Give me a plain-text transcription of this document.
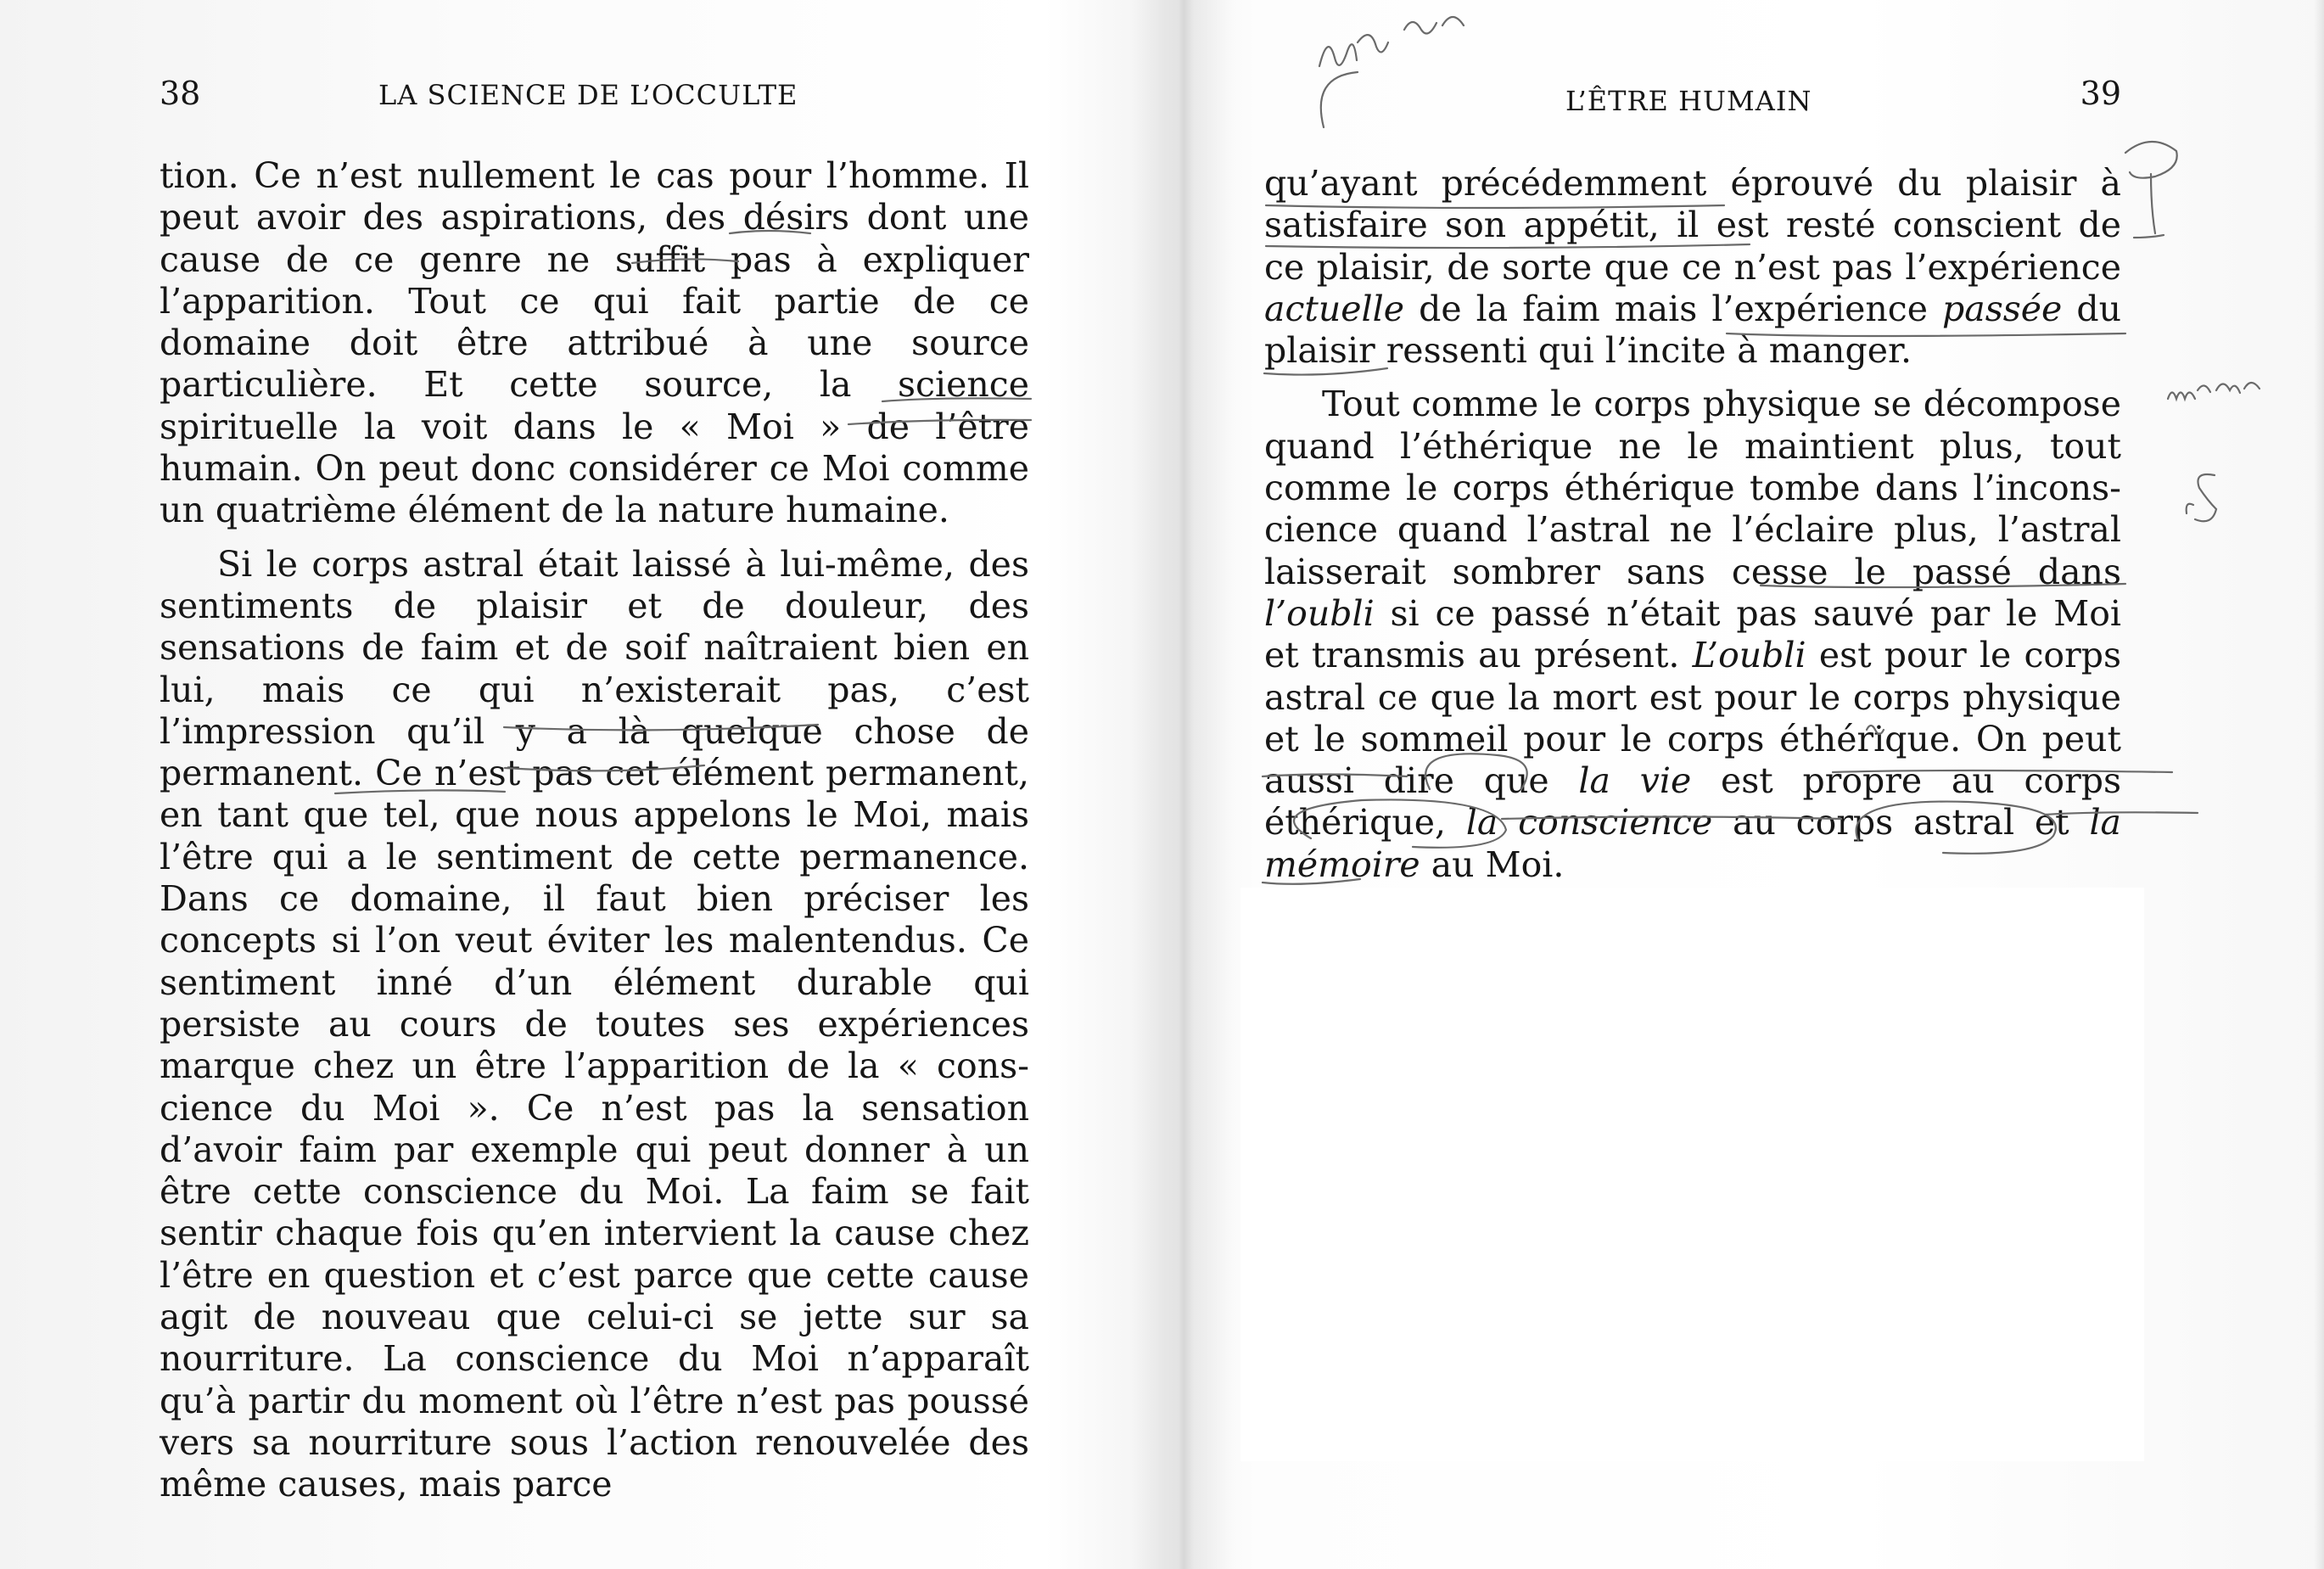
38	LA SCIENCE DE L’OCCULTE

tion. Ce n’est nullement le cas pour l’homme. Il peut avoir des aspirations, des désirs dont une cause de ce genre ne suffit pas à expliquer l’apparition. Tout ce qui fait partie de ce domaine doit être attribué à une source particulière. Et cette source, la science spirituelle la voit dans le « Moi » de l’être humain. On peut donc considérer ce Moi comme un quatrième élément de la nature humaine.

Si le corps astral était laissé à lui-même, des sentiments de plaisir et de douleur, des sensations de faim et de soif naîtraient bien en lui, mais ce qui n’existerait pas, c’est l’impression qu’il y a là quelque chose de permanent. Ce n’est pas cet élément permanent, en tant que tel, que nous appelons le Moi, mais l’être qui a le sentiment de cette permanence. Dans ce domaine, il faut bien préciser les concepts si l’on veut éviter les malentendus. Ce sentiment inné d’un élément durable qui persiste au cours de toutes ses expériences marque chez un être l’apparition de la « conscience du Moi ». Ce n’est pas la sensation d’avoir faim par exemple qui peut donner à un être cette conscience du Moi. La faim se fait sentir chaque fois qu’en intervient la cause chez l’être en question et c’est parce que cette cause agit de nouveau que celui-ci se jette sur sa nourriture. La conscience du Moi n’apparaît qu’à partir du moment où l’être n’est pas poussé vers sa nourriture sous l’action renouvelée des même causes, mais parce

L’ÊTRE HUMAIN	39

qu’ayant précédemment éprouvé du plaisir à satisfaire son appétit, il est resté conscient de ce plaisir, de sorte que ce n’est pas l’expérience actuelle de la faim mais l’expérience passée du plaisir ressenti qui l’incite à manger.

Tout comme le corps physique se décompose quand l’éthérique ne le maintient plus, tout comme le corps éthérique tombe dans l’inconscience quand l’astral ne l’éclaire plus, l’astral laisserait sombrer sans cesse le passé dans l’oubli si ce passé n’était pas sauvé par le Moi et transmis au présent. L’oubli est pour le corps astral ce que la mort est pour le corps physique et le sommeil pour le corps éthérique. On peut aussi dire que la vie est propre au corps éthérique, la conscience au corps astral et la mémoire au Moi.
